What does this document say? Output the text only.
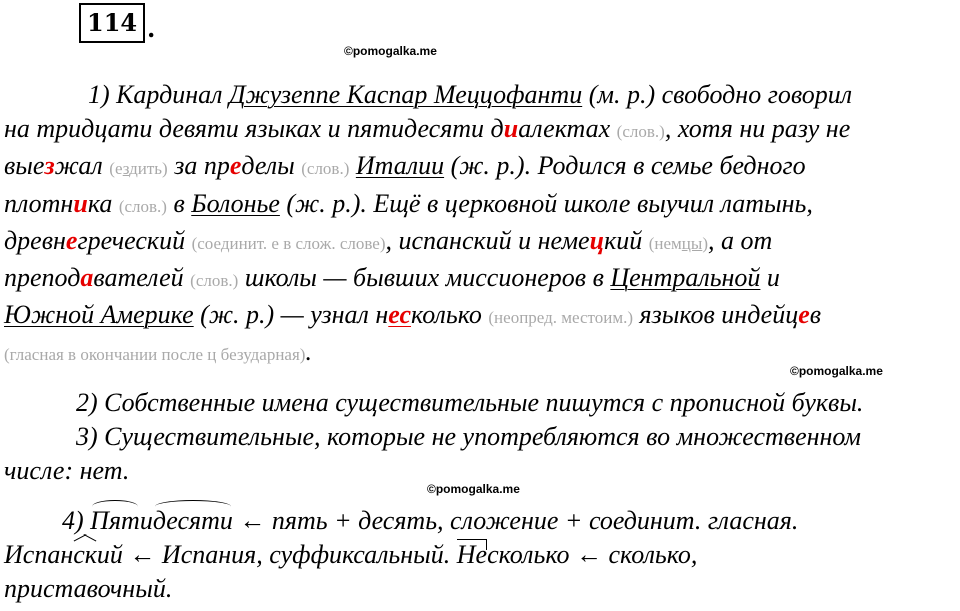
114 .
©pomogalka.me
©pomogalka.me
©pomogalka.me
1) Кардинал Джузеппе Каспар Меццофанти (м. р.) свободно говорил
на тридцати девяти языках и пятидесяти диалектах (слов.), хотя ни разу не
выезжал (ездить) за пределы (слов.) Италии (ж. р.). Родился в семье бедного
плотника (слов.) в Болонье (ж. р.). Ещё в церковной школе выучил латынь,
древнегреческий (соединит. е в слож. слове), испанский и немецкий (немцы), а от
преподавателей (слов.) школы — бывших миссионеров в Центральной и
Южной Америке (ж. р.) — узнал несколько (неопред. местоим.) языков индейцев
(гласная в окончании после ц безударная).
2) Собственные имена существительные пишутся с прописной буквы.
3) Существительные, которые не употребляются во множественном
числе: нет.
4) Пятидесяти ← пять + десять, сложение + соединит. гласная.
Испан
ский ← Испания, суффиксальный.
Несколько ← сколько,
приставочный.
